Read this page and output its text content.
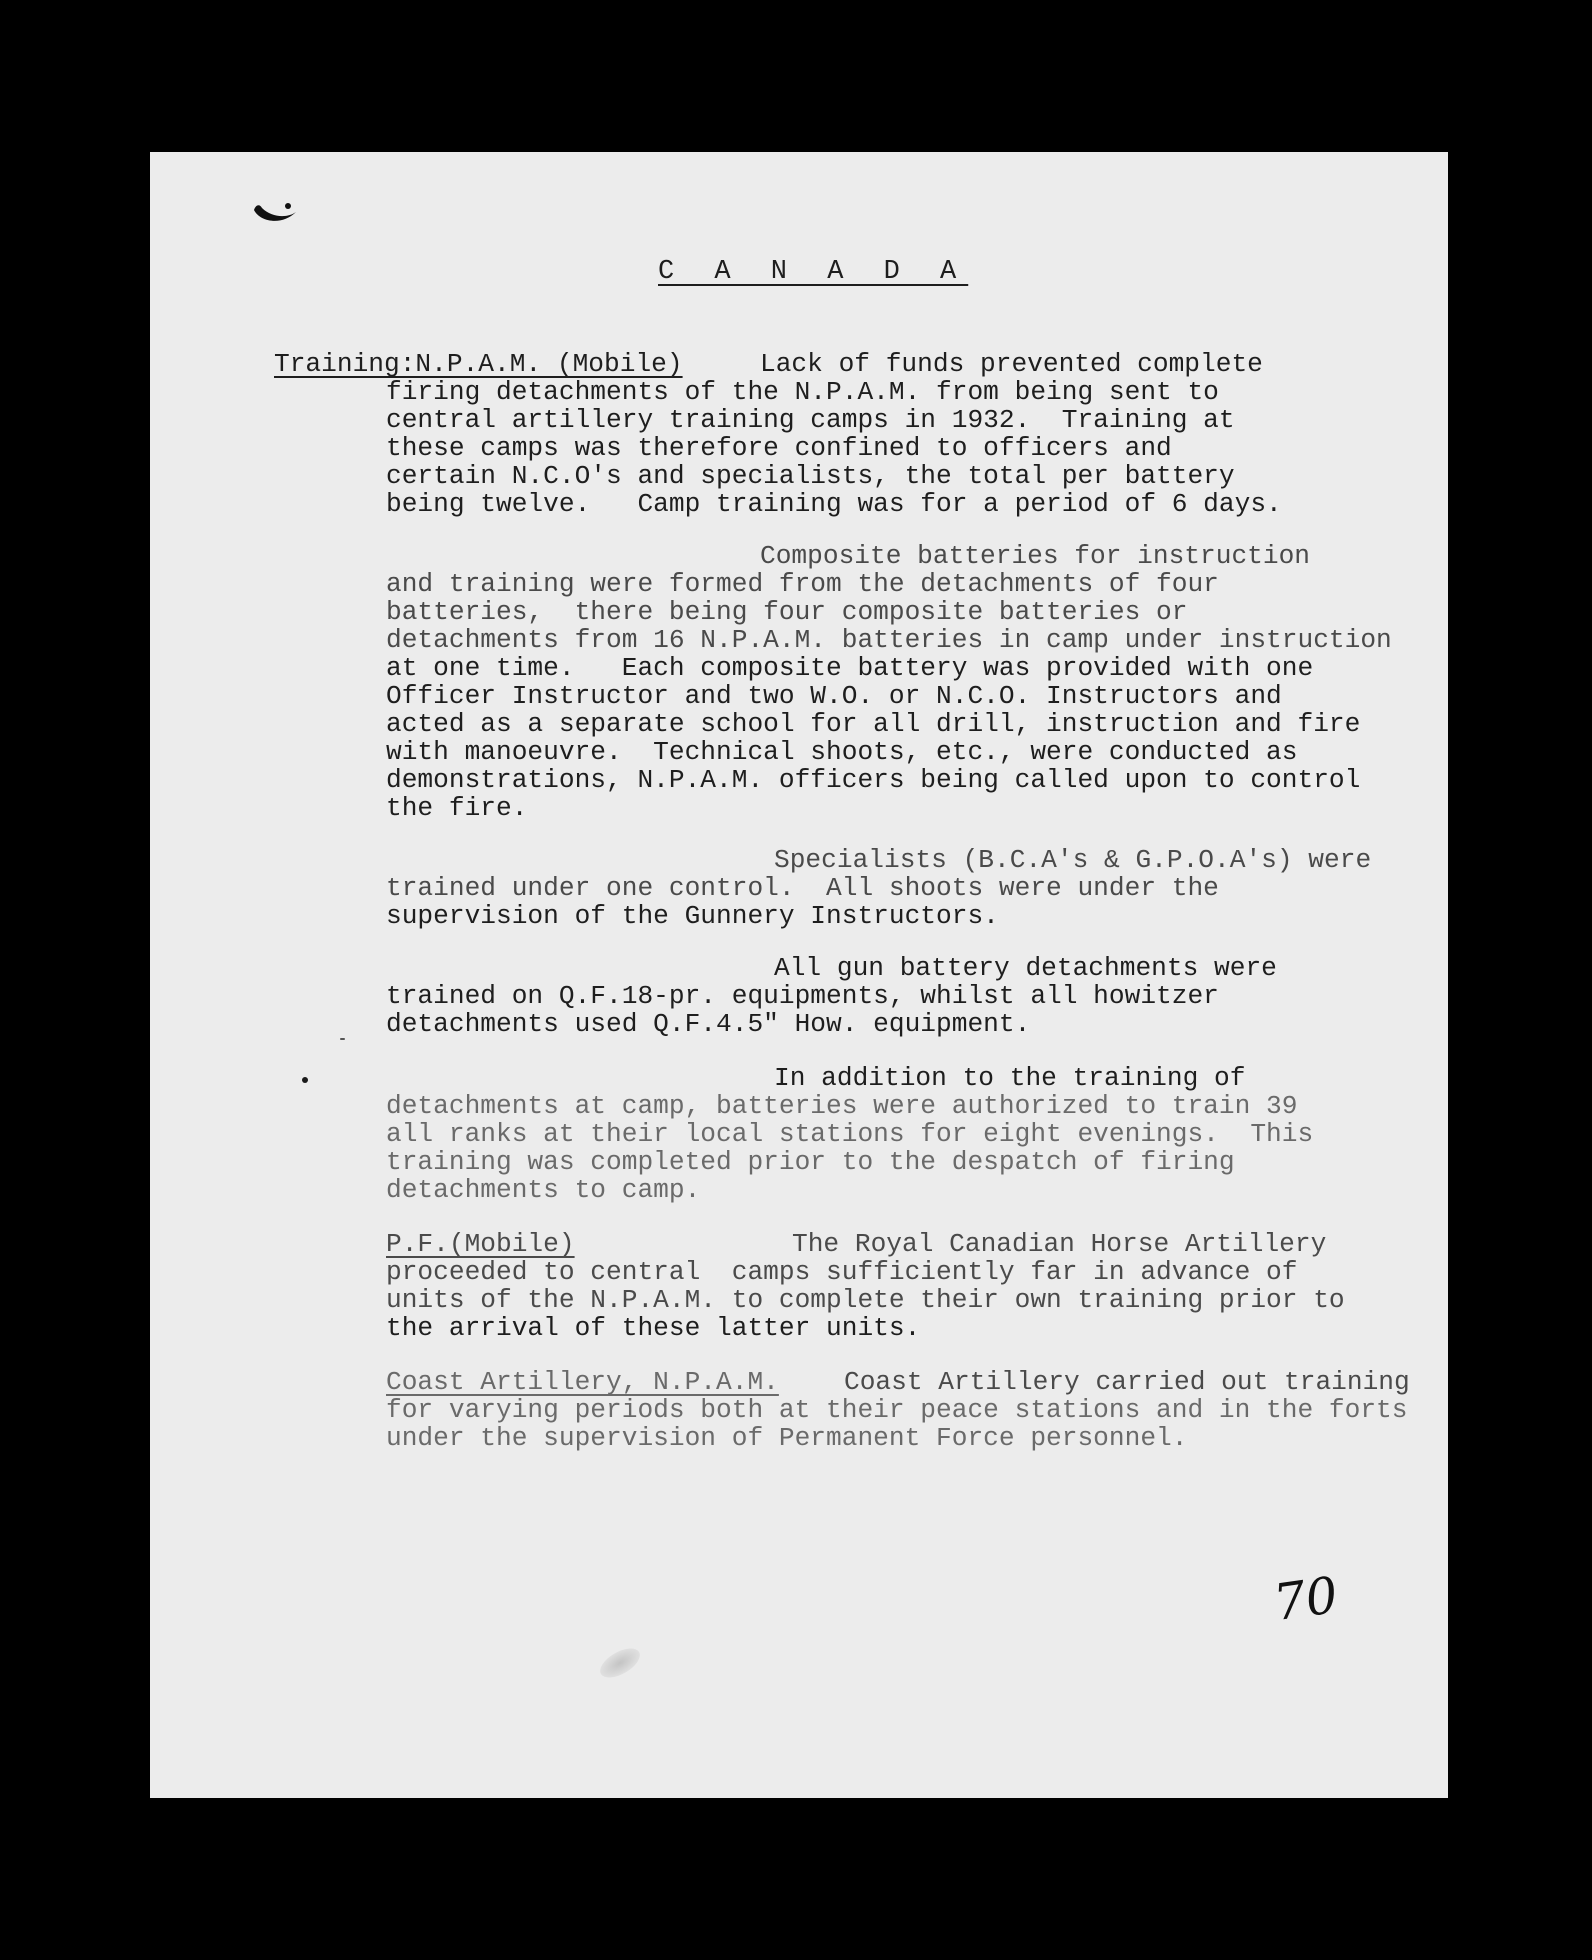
C A N A D A
Training:N.P.A.M. (Mobile)	Lack of funds prevented complete
firing detachments of the N.P.A.M. from being sent to
central artillery training camps in 1932.  Training at
these camps was therefore confined to officers and
certain N.C.O's and specialists, the total per battery
being twelve.   Camp training was for a period of 6 days.
Composite batteries for instruction
and training were formed from the detachments of four
batteries,  there being four composite batteries or
detachments from 16 N.P.A.M. batteries in camp under instruction
at one time.   Each composite battery was provided with one
Officer Instructor and two W.O. or N.C.O. Instructors and
acted as a separate school for all drill, instruction and fire
with manoeuvre.  Technical shoots, etc., were conducted as
demonstrations, N.P.A.M. officers being called upon to control
the fire.
Specialists (B.C.A's & G.P.O.A's) were
trained under one control.  All shoots were under the
supervision of the Gunnery Instructors.
All gun battery detachments were
trained on Q.F.18-pr. equipments, whilst all howitzer
detachments used Q.F.4.5" How. equipment.
In addition to the training of
detachments at camp, batteries were authorized to train 39
all ranks at their local stations for eight evenings.  This
training was completed prior to the despatch of firing
detachments to camp.
P.F.(Mobile)	The Royal Canadian Horse Artillery
proceeded to central  camps sufficiently far in advance of
units of the N.P.A.M. to complete their own training prior to
the arrival of these latter units.
Coast Artillery, N.P.A.M. Coast Artillery carried out training
for varying periods both at their peace stations and in the forts
under the supervision of Permanent Force personnel.
70
